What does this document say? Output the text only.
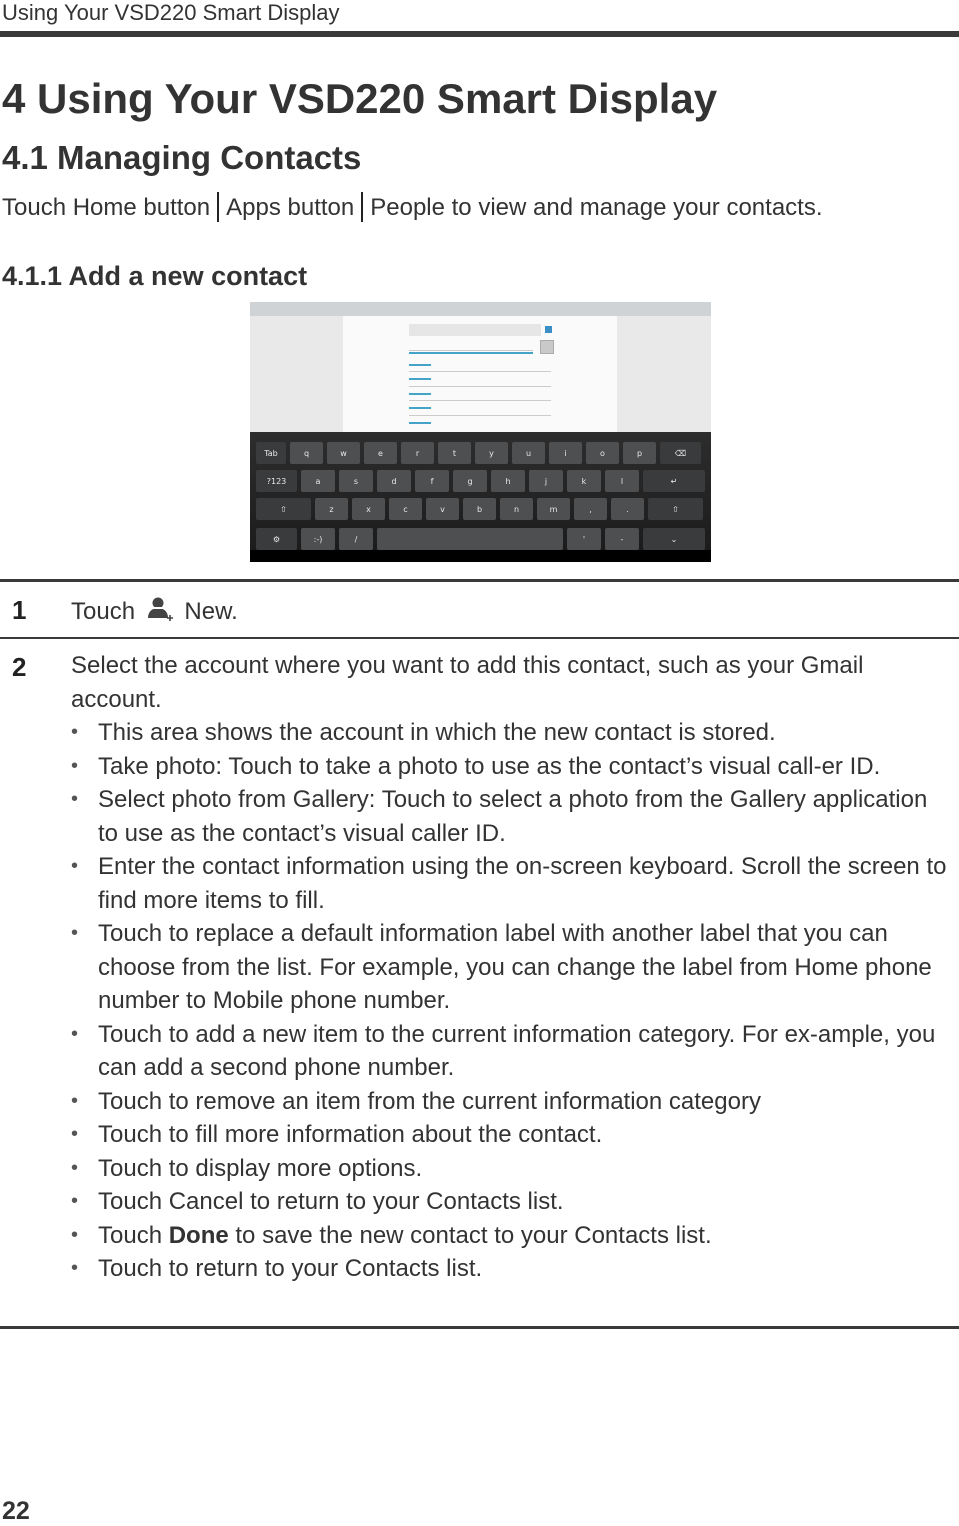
Using Your VSD220 Smart Display
4 Using Your VSD220 Smart Display
4.1 Managing Contacts
Touch Home button Apps button People to view and manage your contacts.
4.1.1 Add a new contact
Tab	q	w	e	r	t	y	u	i	o	p	⌫
?123	a	s	d	f	g	h	j	k	l	↵
⇧	z	x	c	v	b	n	m	,	.	⇧
⚙	:-)	/	'	-	⌄
1 Touch New.
2 Select the account where you want to add this contact, such as your Gmail account.

• This area shows the account in which the new contact is stored.
• Take photo: Touch to take a photo to use as the contact’s visual call-er ID.
• Select photo from Gallery: Touch to select a photo from the Gallery application to use as the contact’s visual caller ID.
• Enter the contact information using the on-screen keyboard. Scroll the screen to find more items to fill.
• Touch to replace a default information label with another label that you can choose from the list. For example, you can change the label from Home phone number to Mobile phone number.
• Touch to add a new item to the current information category. For ex-ample, you can add a second phone number.
• Touch to remove an item from the current information category
• Touch to fill more information about the contact.
• Touch to display more options.
• Touch Cancel to return to your Contacts list.
• Touch Done to save the new contact to your Contacts list.
• Touch to return to your Contacts list.
22
